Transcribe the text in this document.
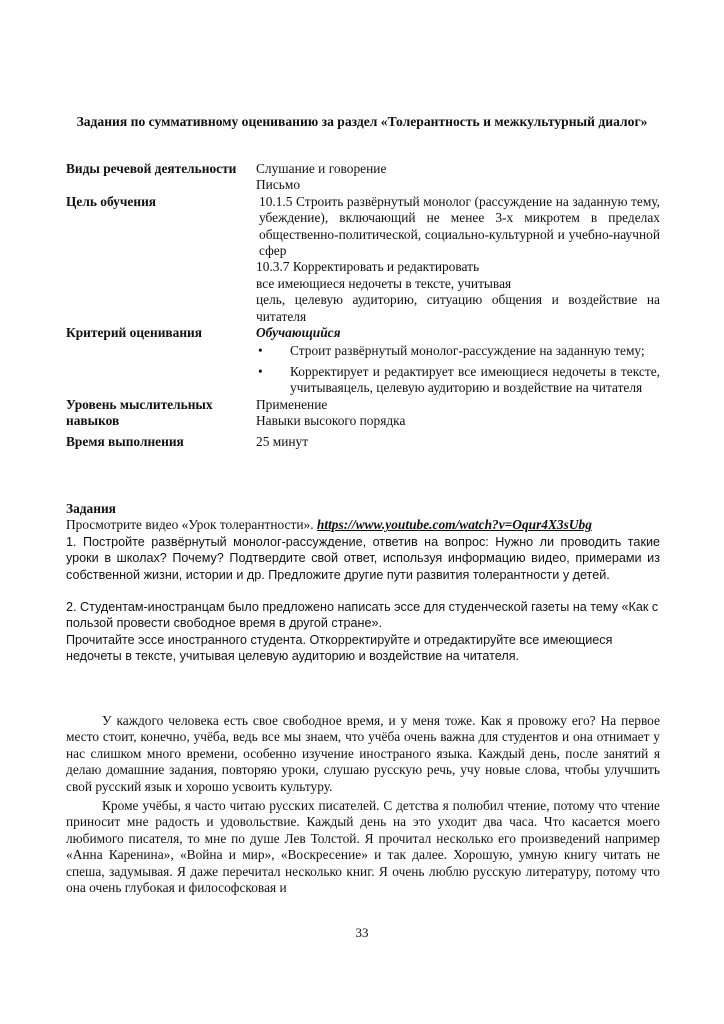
Задания по суммативному оцениванию за раздел «Толерантность и межкультурный диалог»
Виды речевой деятельности	Слушание и говорение
Письмо

Цель обучения	10.1.5 Строить развёрнутый монолог (рассуждение на заданную тему, убеждение), включающий не менее 3-х микротем в пределах общественно-политической, социально-культурной и учебно-научной сфер
10.3.7 Корректировать и редактировать
все имеющиеся недочеты в тексте, учитывая
цель, целевую аудиторию, ситуацию общения и воздействие на читателя

Критерий оценивания	Обучающийся
• Строит развёрнутый монолог-рассуждение на заданную тему;
• Корректирует и редактирует все имеющиеся недочеты в тексте, учитываяцель, целевую аудиторию и воздействие на читателя

Уровень мыслительных навыков	Применение
Навыки высокого порядка

Время выполнения	25 минут

Задания

Просмотрите видео «Урок толерантности». https://www.youtube.com/watch?v=Oqur4X3sUbg

1. Постройте развёрнутый монолог-рассуждение, ответив на вопрос: Нужно ли проводить такие уроки в школах? Почему? Подтвердите свой ответ, используя информацию видео, примерами из собственной жизни, истории и др. Предложите другие пути развития толерантности у детей.

2. Студентам-иностранцам было предложено написать эссе для студенческой газеты на тему «Как с пользой провести свободное время в другой стране».

Прочитайте эссе иностранного студента. Откорректируйте и отредактируйте все имеющиеся недочеты в тексте, учитывая целевую аудиторию и воздействие на читателя.

У каждого человека есть свое свободное время, и у меня тоже. Как я провожу его? На первое место стоит, конечно, учёба, ведь все мы знаем, что учёба очень важна для студентов и она отнимает у нас слишком много времени, особенно изучение иностраного языка. Каждый день, после занятий я делаю домашние задания, повторяю уроки, слушаю русскую речь, учу новые слова, чтобы улучшить свой русский язык и хорошо усвоить культуру.

Кроме учёбы, я часто читаю русских писателей. С детства я полюбил чтение, потому что чтение приносит мне радость и удовольствие. Каждый день на это уходит два часа. Что касается моего любимого писателя, то мне по душе Лев Толстой. Я прочитал несколько его произведений например «Анна Каренина», «Война и мир», «Воскресение» и так далее. Хорошую, умную книгу читать не спеша, задумывая. Я даже перечитал несколько книг. Я очень люблю русскую литературу, потому что она очень глубокая и философсковая и

33
